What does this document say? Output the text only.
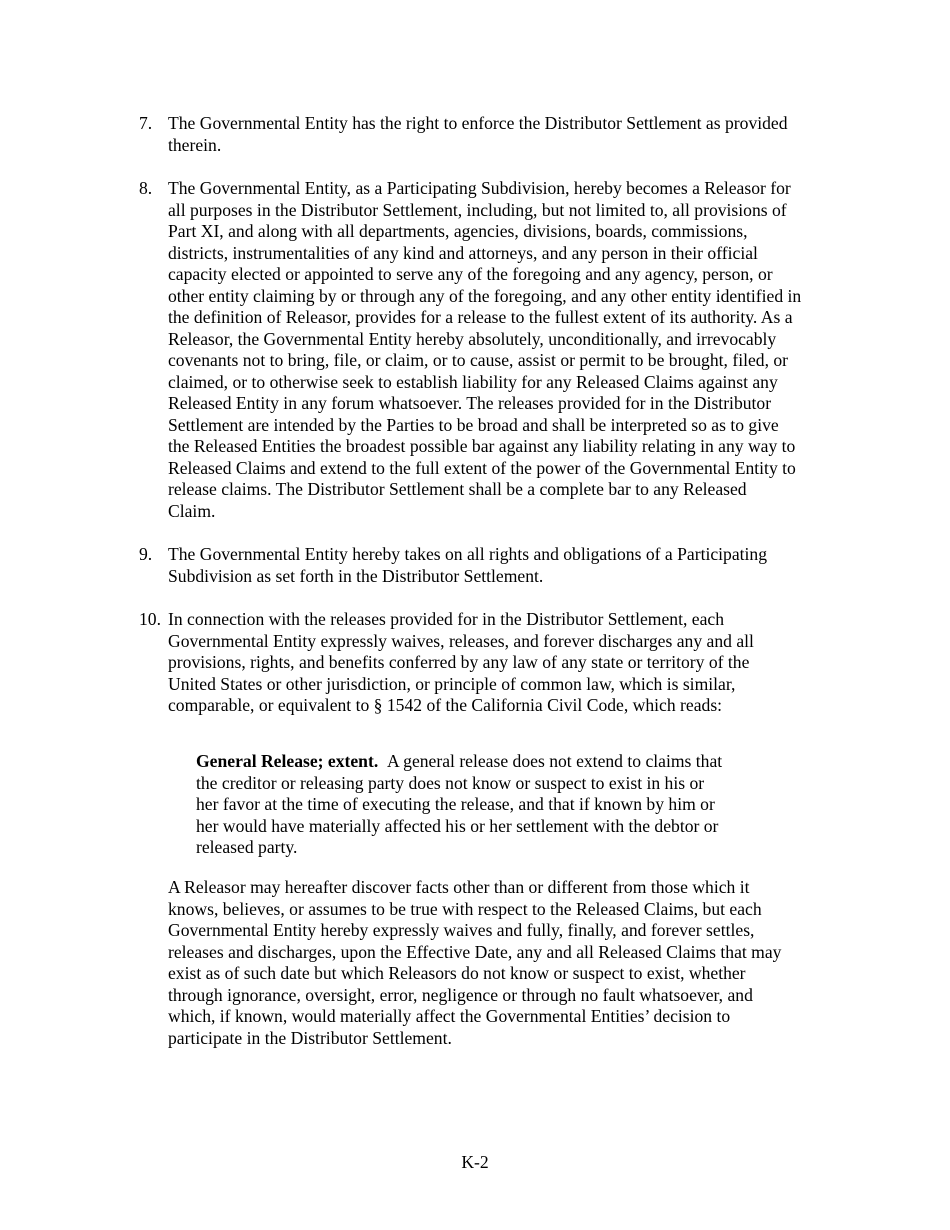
7. The Governmental Entity has the right to enforce the Distributor Settlement as provided
therein.
8. The Governmental Entity, as a Participating Subdivision, hereby becomes a Releasor for
all purposes in the Distributor Settlement, including, but not limited to, all provisions of
Part XI, and along with all departments, agencies, divisions, boards, commissions,
districts, instrumentalities of any kind and attorneys, and any person in their official
capacity elected or appointed to serve any of the foregoing and any agency, person, or
other entity claiming by or through any of the foregoing, and any other entity identified in
the definition of Releasor, provides for a release to the fullest extent of its authority. As a
Releasor, the Governmental Entity hereby absolutely, unconditionally, and irrevocably
covenants not to bring, file, or claim, or to cause, assist or permit to be brought, filed, or
claimed, or to otherwise seek to establish liability for any Released Claims against any
Released Entity in any forum whatsoever. The releases provided for in the Distributor
Settlement are intended by the Parties to be broad and shall be interpreted so as to give
the Released Entities the broadest possible bar against any liability relating in any way to
Released Claims and extend to the full extent of the power of the Governmental Entity to
release claims. The Distributor Settlement shall be a complete bar to any Released
Claim.
9. The Governmental Entity hereby takes on all rights and obligations of a Participating
Subdivision as set forth in the Distributor Settlement.
10. In connection with the releases provided for in the Distributor Settlement, each
Governmental Entity expressly waives, releases, and forever discharges any and all
provisions, rights, and benefits conferred by any law of any state or territory of the
United States or other jurisdiction, or principle of common law, which is similar,
comparable, or equivalent to § 1542 of the California Civil Code, which reads:
General Release; extent. A general release does not extend to claims that
the creditor or releasing party does not know or suspect to exist in his or
her favor at the time of executing the release, and that if known by him or
her would have materially affected his or her settlement with the debtor or
released party.
A Releasor may hereafter discover facts other than or different from those which it
knows, believes, or assumes to be true with respect to the Released Claims, but each
Governmental Entity hereby expressly waives and fully, finally, and forever settles,
releases and discharges, upon the Effective Date, any and all Released Claims that may
exist as of such date but which Releasors do not know or suspect to exist, whether
through ignorance, oversight, error, negligence or through no fault whatsoever, and
which, if known, would materially affect the Governmental Entities’ decision to
participate in the Distributor Settlement.
K-2
